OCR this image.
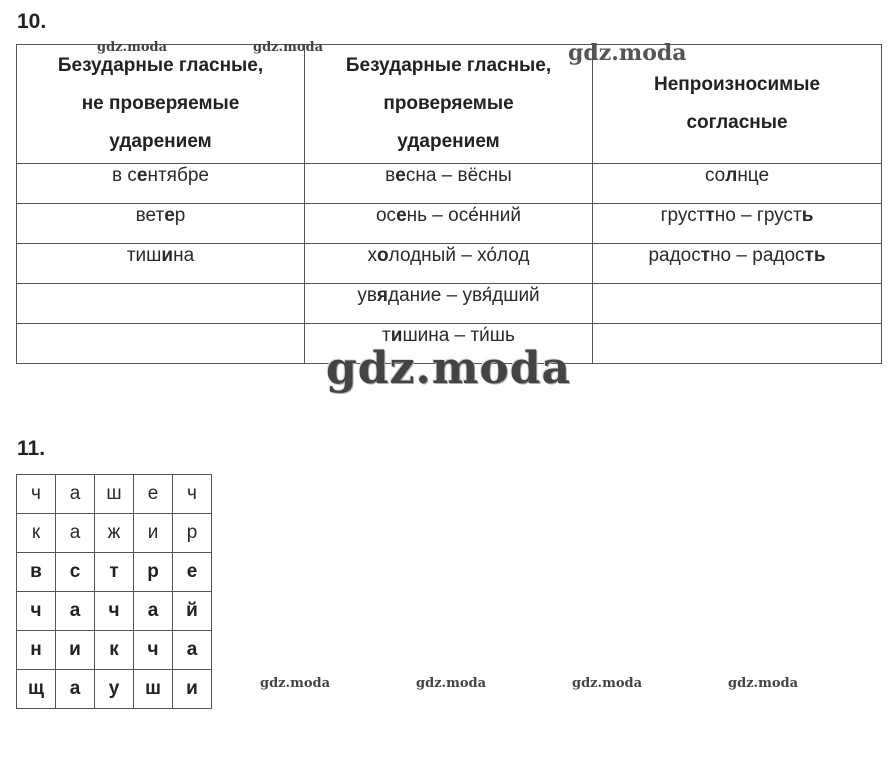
10.
Безударные гласные,
не проверяемые
ударением	Безударные гласные,
проверяемые
ударением	Непроизносимые
согласные

в сентябре	весна – вёсны	солнце
ветер	осень – осе́нний	грусттно – грусть
тишина	холодный – хо́лод	радостно – радость
	увядание – увя́дший	
	тишина – ти́шь	
11.
ч	а	ш	е	ч
к	а	ж	и	р
в	с	т	р	е
ч	а	ч	а	й
н	и	к	ч	а
щ	а	у	ш	и
gdz.moda	gdz.moda	gdz.moda
gdz.moda
gdz.moda	gdz.moda	gdz.moda	gdz.moda
